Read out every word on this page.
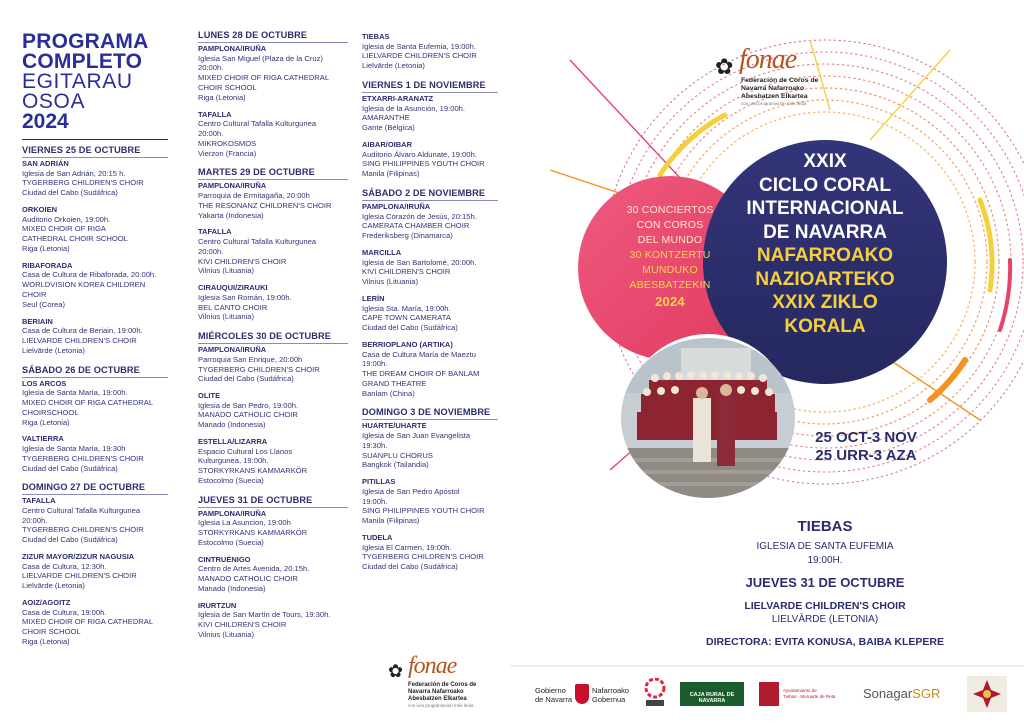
PROGRAMA
COMPLETO
EGITARAU
OSOA
2024
VIERNES 25 DE OCTUBRE
SAN ADRIÁN
Iglesia de San Adrián, 20:15 h.
TYGERBERG CHILDREN'S CHOIR
Ciudad del Cabo (Sudáfrica)
ORKOIEN
Auditorio Orkoien, 19:00h.
MIXED CHOIR OF RIGA
CATHEDRAL CHOIR SCHOOL
Riga (Letonia)
RIBAFORADA
Casa de Cultura de Ribaforada, 20:00h.
WORLDVISION KOREA CHILDREN CHOIR
Seul (Corea)
BERIAIN
Casa de Cultura de Beriain, 19:00h.
LIELVARDE CHILDREN'S CHOIR
Lielvārde (Letonia)
SÁBADO 26 DE OCTUBRE
LOS ARCOS
Iglesia de Santa María, 19:00h.
MIXED CHOIR OF RIGA CATHEDRAL
CHOIRSCHOOL
Riga (Letonia)
VALTIERRA
Iglesia de Santa María, 19:30h
TYGERBERG CHILDREN'S CHOIR
Ciudad del Cabo (Sudáfrica)
DOMINGO 27 DE OCTUBRE
TAFALLA
Centro Cultural Tafalla Kulturgunea
20:00h.
TYGERBERG CHILDREN'S CHOIR
Ciudad del Cabo (Sudáfrica)
ZIZUR MAYOR/ZIZUR NAGUSIA
Casa de Cultura, 12:30h.
LIELVARDE CHILDREN'S CHOIR
Lielvārde (Letonia)
AOIZ/AGOITZ
Casa de Cultura, 19:00h.
MIXED CHOIR OF RIGA CATHEDRAL
CHOIR SCHOOL
Riga (Letonia)
LUNES 28 DE OCTUBRE
PAMPLONA/IRUÑA
Iglesia San Miguel (Plaza de la Cruz)
20:00h.
MIXED CHOIR OF RIGA CATHEDRAL
CHOIR SCHOOL
Riga (Letonia)
TAFALLA
Centro Cultural Tafalla Kulturgunea
20:00h.
MIKROKOSMOS
Vierzon (Francia)
MARTES 29 DE OCTUBRE
PAMPLONA/IRUÑA
Parroquia de Ermitagaña, 20:00h
THE RESONANZ CHILDREN'S CHOIR
Yakarta (Indonesia)
TAFALLA
Centro Cultural Tafalla Kulturgunea
20:00h.
KIVI CHILDREN'S CHOIR
Vilnius (Lituania)
CIRAUQUI/ZIRAUKI
Iglesia San Román, 19:00h.
BEL CANTO CHOIR
Vilnius (Lituania)
MIÉRCOLES 30 DE OCTUBRE
PAMPLONA/IRUÑA
Parroquia San Enrique, 20:00h
TYGERBERG CHILDREN'S CHOIR
Ciudad del Cabo (Sudáfrica)
OLITE
Iglesia de San Pedro, 19:00h.
MANADO CATHOLIC CHOIR
Manado (Indonesia)
ESTELLA/LIZARRA
Espacio Cultural Los Llanos
Kulturgunea, 19:00h.
STORKYRKANS KAMMARKÖR
Estocolmo (Suecia)
JUEVES 31 DE OCTUBRE
PAMPLONA/IRUÑA
Iglesia La Asuncion, 19:00h
STORKYRKANS KAMMARKÖR
Estocolmo (Suecia)
CINTRUÉNIGO
Centro de Artes Avenida, 20.15h.
MANADO CATHOLIC CHOIR
Manado (Indonesia)
IRURTZUN
Iglesia de San Martín de Tours, 19:30h.
KIVI CHILDREN'S CHOIR
Vilnius (Lituania)
TIEBAS
Iglesia de Santa Eufemia, 19:00h.
LIELVARDE CHILDREN'S CHOIR
Lielvārde (Letonia)
VIERNES 1 DE NOVIEMBRE
ETXARRI-ARANATZ
Iglesia de la Asunción, 19:00h.
AMARANTHE
Gante (Bélgica)
AIBAR/OIBAR
Auditorio Álvaro Aldunate, 19:00h.
SING PHILIPPINES YOUTH CHOIR
Manila (Filipinas)
SÁBADO 2 DE NOVIEMBRE
PAMPLONA/IRUÑA
Iglesia Corazón de Jesús, 20:15h.
CAMERATA CHAMBER CHOIR
Frederiksberg (Dinamarca)
MARCILLA
Iglesia de San Bartolomé, 20:00h.
KIVI CHILDREN'S CHOIR
Vilnius (Lituania)
LERÍN
Iglesia Sta. María, 19:00h.
CAPE TOWN CAMERATA
Ciudad del Cabo (Sudáfrica)
BERRIOPLANO (ARTIKA)
Casa de Cultura María de Maeztu
19:00h.
THE DREAM CHOIR OF BANLAM
GRAND THEATRE
Banlam (China)
DOMINGO 3 DE NOVIEMBRE
HUARTE/UHARTE
Iglesia de San Juan Evangelista
19:30h.
SUANPLU CHORUS
Bangkok (Tailandia)
PITILLAS
Iglesia de San Pedro Apóstol
19:00h.
SING PHILIPPINES YOUTH CHOIR
Manila (Filipinas)
TUDELA
Iglesia El Carmen, 19:00h.
TYGERBERG CHILDREN'S CHOIR
Ciudad del Cabo (Sudáfrica)
✿ fonae
Federación de Coros de
Navarra Nafarroako
Abesbatzen Elkartea
con una programación más leída
30 CONCIERTOS
CON COROS
DEL MUNDO
30 KONTZERTU
MUNDUKO
ABESBATZEKIN
2024
XXIX
CICLO CORAL
INTERNACIONAL
DE NAVARRA
NAFARROAKO
NAZIOARTEKO
XXIX ZIKLO
KORALA
25 OCT-3 NOV
25 URR-3 AZA
TIEBAS
IGLESIA DE SANTA EUFEMIA
19:00H.
JUEVES 31 DE OCTUBRE
LIELVARDE CHILDREN'S CHOIR
LIELVĀRDE (LETONIA)
DIRECTORA: EVITA KONUSA, BAIBA KLEPERE
✿ fonae
Federación de Coros de
Navarra Nafarroako
Abesbatzen Elkartea
con una programación más leída
Gobierno
de Navarra
Nafarroako
Gobernua	CAJA RURAL DE NAVARRA
Ayuntamiento de
Tiebas - Muruarte de Reta SonagarSGR
